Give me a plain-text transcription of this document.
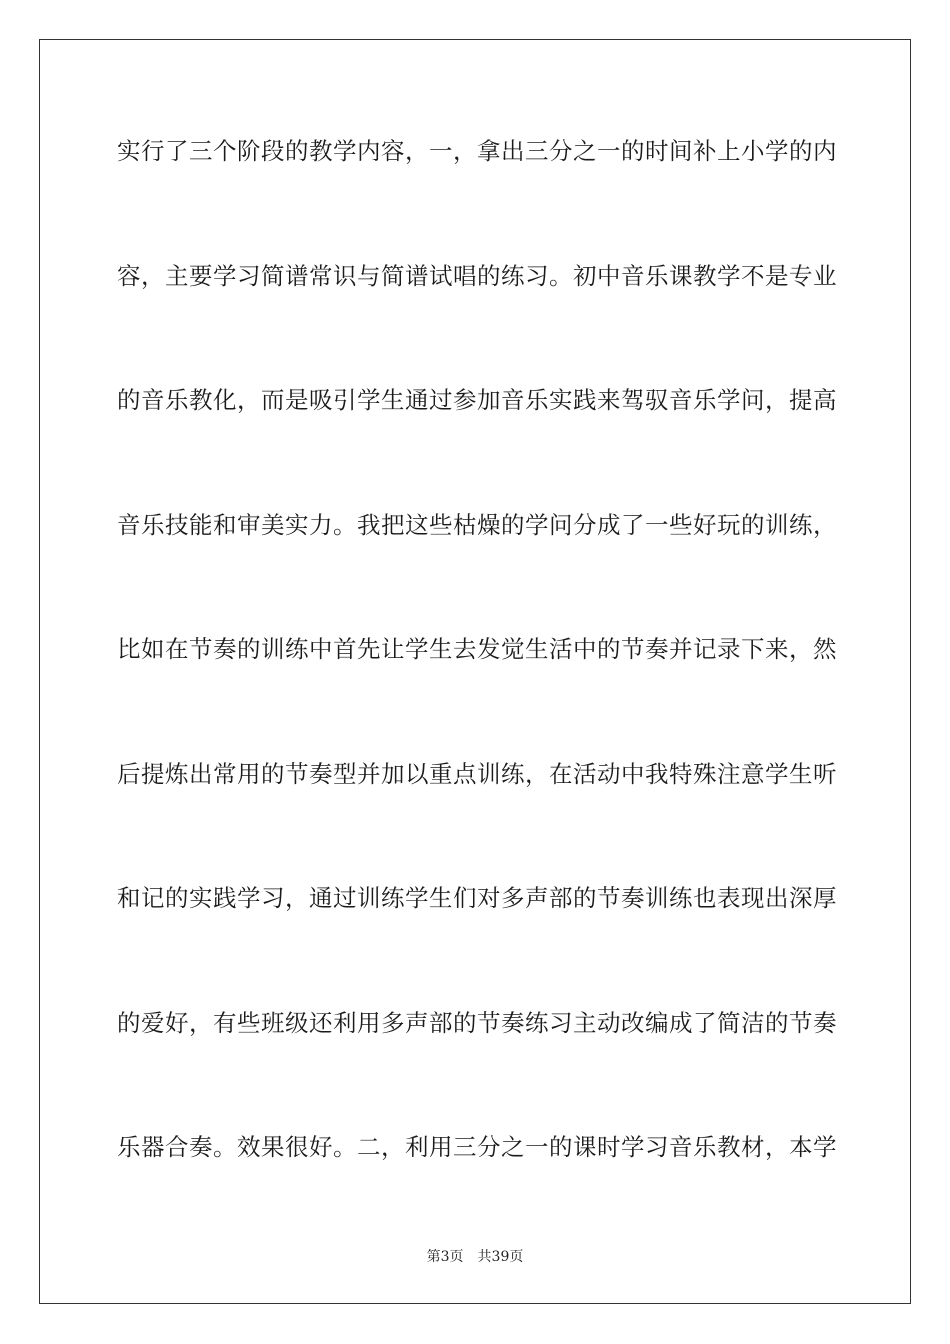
实行了三个阶段的教学内容，一，拿出三分之一的时间补上小学的内
容，主要学习简谱常识与简谱试唱的练习。初中音乐课教学不是专业
的音乐教化，而是吸引学生通过参加音乐实践来驾驭音乐学问，提高
音乐技能和审美实力。我把这些枯燥的学问分成了一些好玩的训练，
比如在节奏的训练中首先让学生去发觉生活中的节奏并记录下来，然
后提炼出常用的节奏型并加以重点训练，在活动中我特殊注意学生听
和记的实践学习，通过训练学生们对多声部的节奏训练也表现出深厚
的爱好，有些班级还利用多声部的节奏练习主动改编成了简洁的节奏
乐器合奏。效果很好。二，利用三分之一的课时学习音乐教材，本学
第3页 共39页
